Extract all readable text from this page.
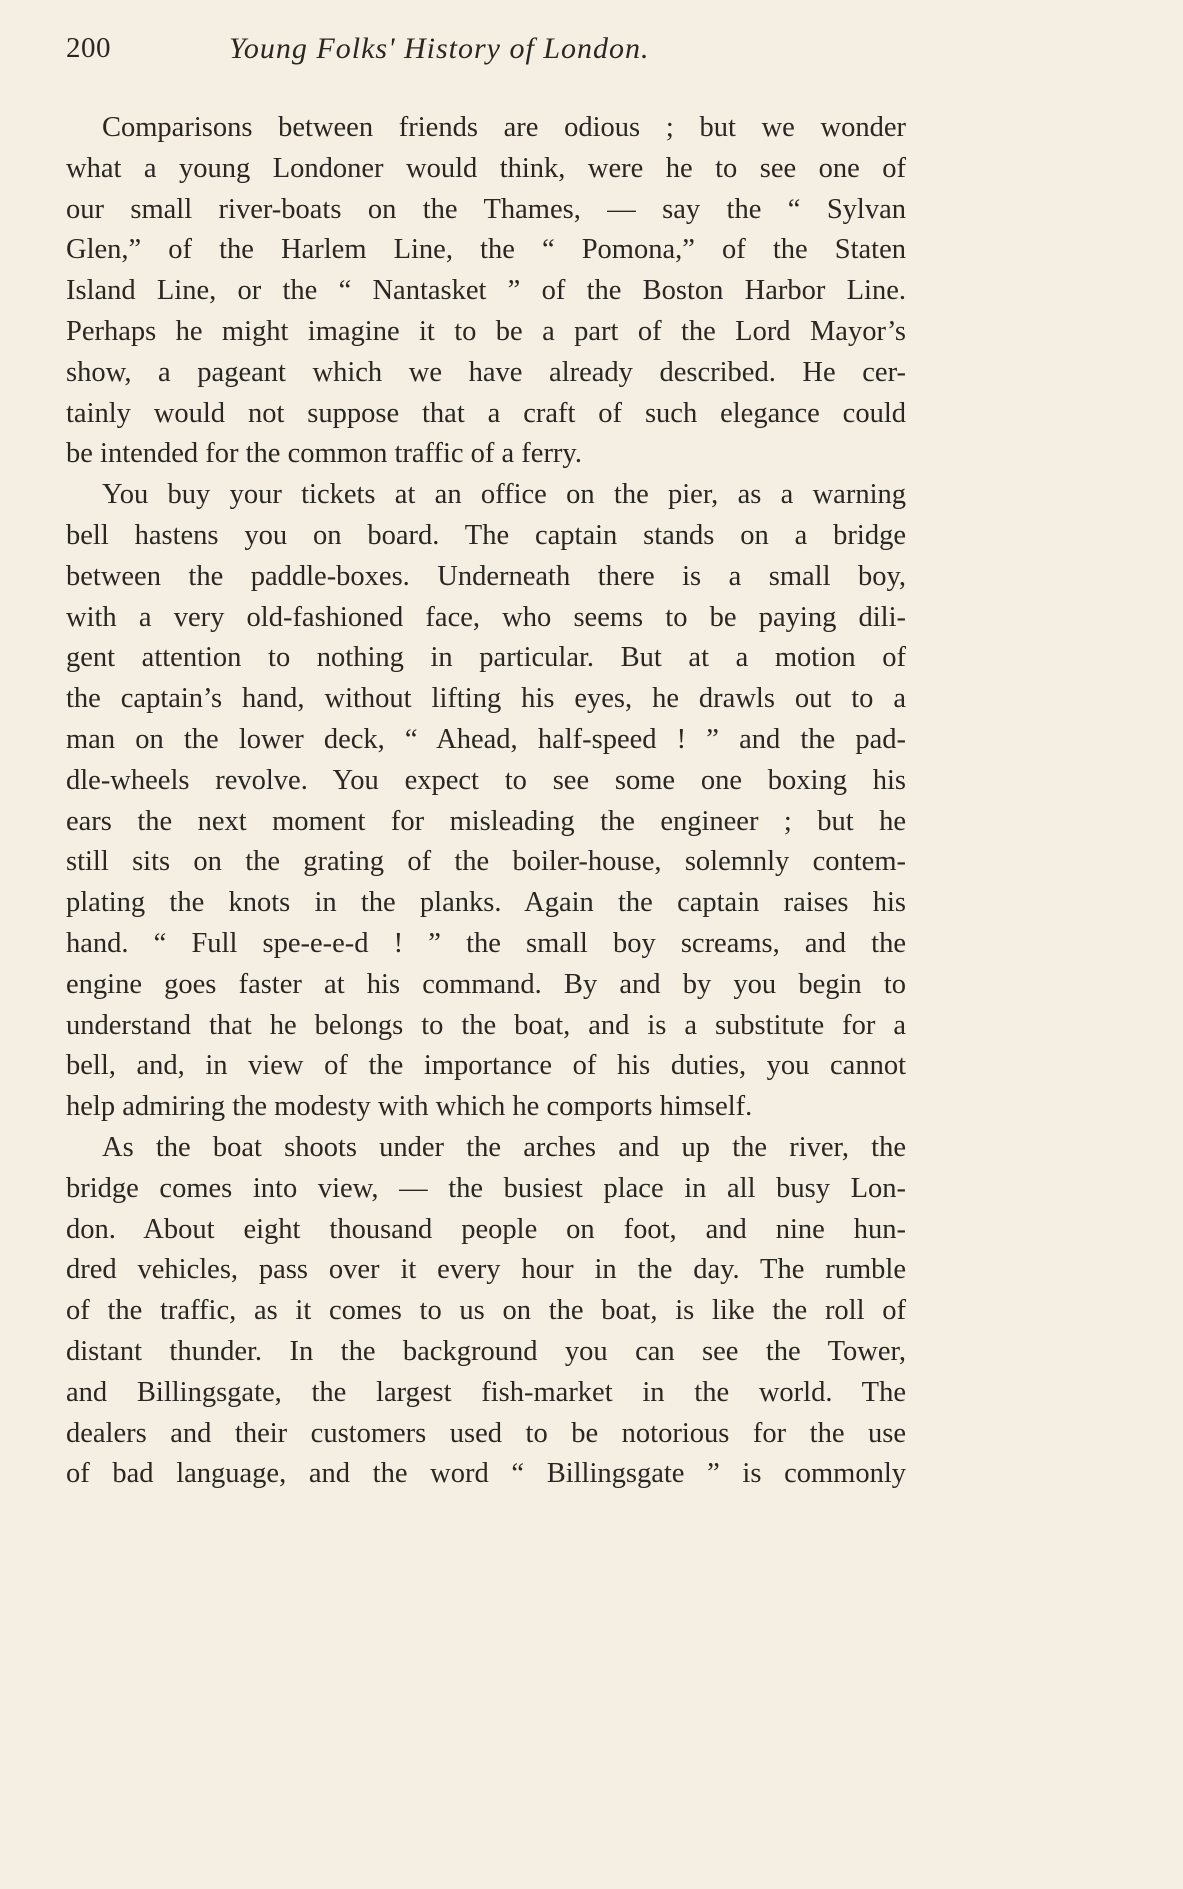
200	Young Folks' History of London.
Comparisons between friends are odious ; but we wonder
what a young Londoner would think, were he to see one of
our small river-boats on the Thames, — say the “ Sylvan
Glen,” of the Harlem Line, the “ Pomona,” of the Staten
Island Line, or the “ Nantasket ” of the Boston Harbor Line.
Perhaps he might imagine it to be a part of the Lord Mayor’s
show, a pageant which we have already described. He cer-
tainly would not suppose that a craft of such elegance could
be intended for the common traffic of a ferry.
You buy your tickets at an office on the pier, as a warning
bell hastens you on board. The captain stands on a bridge
between the paddle-boxes. Underneath there is a small boy,
with a very old-fashioned face, who seems to be paying dili-
gent attention to nothing in particular. But at a motion of
the captain’s hand, without lifting his eyes, he drawls out to a
man on the lower deck, “ Ahead, half-speed ! ” and the pad-
dle-wheels revolve. You expect to see some one boxing his
ears the next moment for misleading the engineer ; but he
still sits on the grating of the boiler-house, solemnly contem-
plating the knots in the planks. Again the captain raises his
hand. “ Full spe-e-e-d ! ” the small boy screams, and the
engine goes faster at his command. By and by you begin to
understand that he belongs to the boat, and is a substitute for a
bell, and, in view of the importance of his duties, you cannot
help admiring the modesty with which he comports himself.
As the boat shoots under the arches and up the river, the
bridge comes into view, — the busiest place in all busy Lon-
don. About eight thousand people on foot, and nine hun-
dred vehicles, pass over it every hour in the day. The rumble
of the traffic, as it comes to us on the boat, is like the roll of
distant thunder. In the background you can see the Tower,
and Billingsgate, the largest fish-market in the world. The
dealers and their customers used to be notorious for the use
of bad language, and the word “ Billingsgate ” is commonly
